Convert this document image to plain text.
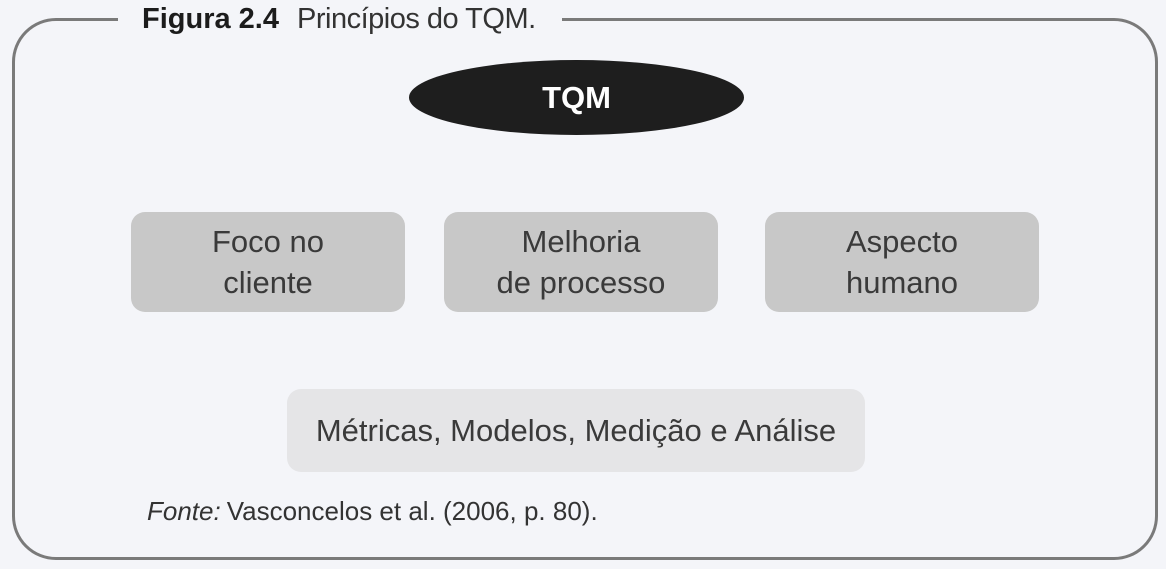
Figura 2.4 Princípios do TQM.
TQM
Foco no
cliente
Melhoria
de processo
Aspecto
humano
Métricas, Modelos, Medição e Análise
Fonte: Vasconcelos et al. (2006, p. 80).
